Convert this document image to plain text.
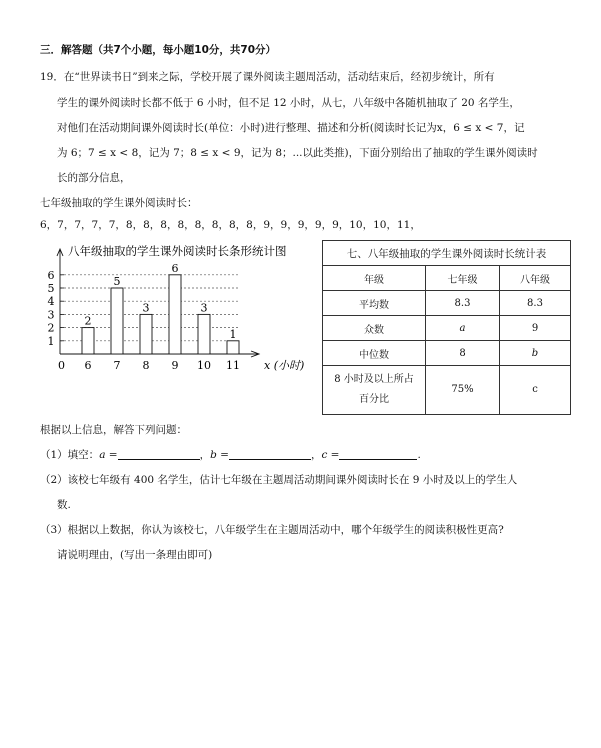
三．解答题（共7个小题，每小题10分，共70分）
19．在“世界读书日”到来之际，学校开展了课外阅读主题周活动，活动结束后，经初步统计，所有
学生的课外阅读时长都不低于 6 小时，但不足 12 小时，从七，八年级中各随机抽取了 20 名学生，
对他们在活动期间课外阅读时长(单位：小时)进行整理、描述和分析(阅读时长记为x，6 ≤ x < 7，记
为 6；7 ≤ x < 8，记为 7；8 ≤ x < 9，记为 8；...以此类推)，下面分别给出了抽取的学生课外阅读时
长的部分信息，
七年级抽取的学生课外阅读时长：
6，7，7，7，7，8，8，8，8，8，8，8，8，9，9，9，9，9，10，10，11，
八年级抽取的学生课外阅读时长条形统计图
1
2
3
4
5
6
2
5
3
6
3
1
6 7 8 9 10 11
0	x (小时)
七、八年级抽取的学生课外阅读时长统计表		
年级	七年级	八年级
平均数	8.3	8.3
众数	a	9
中位数	8	b

8 小时及以上所占
百分比	75%	c
根据以上信息，解答下列问题：
（1）填空：a =	，b =	，c =	.
（2）该校七年级有 400 名学生，估计七年级在主题周活动期间课外阅读时长在 9 小时及以上的学生人
数.
（3）根据以上数据，你认为该校七，八年级学生在主题周活动中，哪个年级学生的阅读积极性更高?
请说明理由，(写出一条理由即可)
